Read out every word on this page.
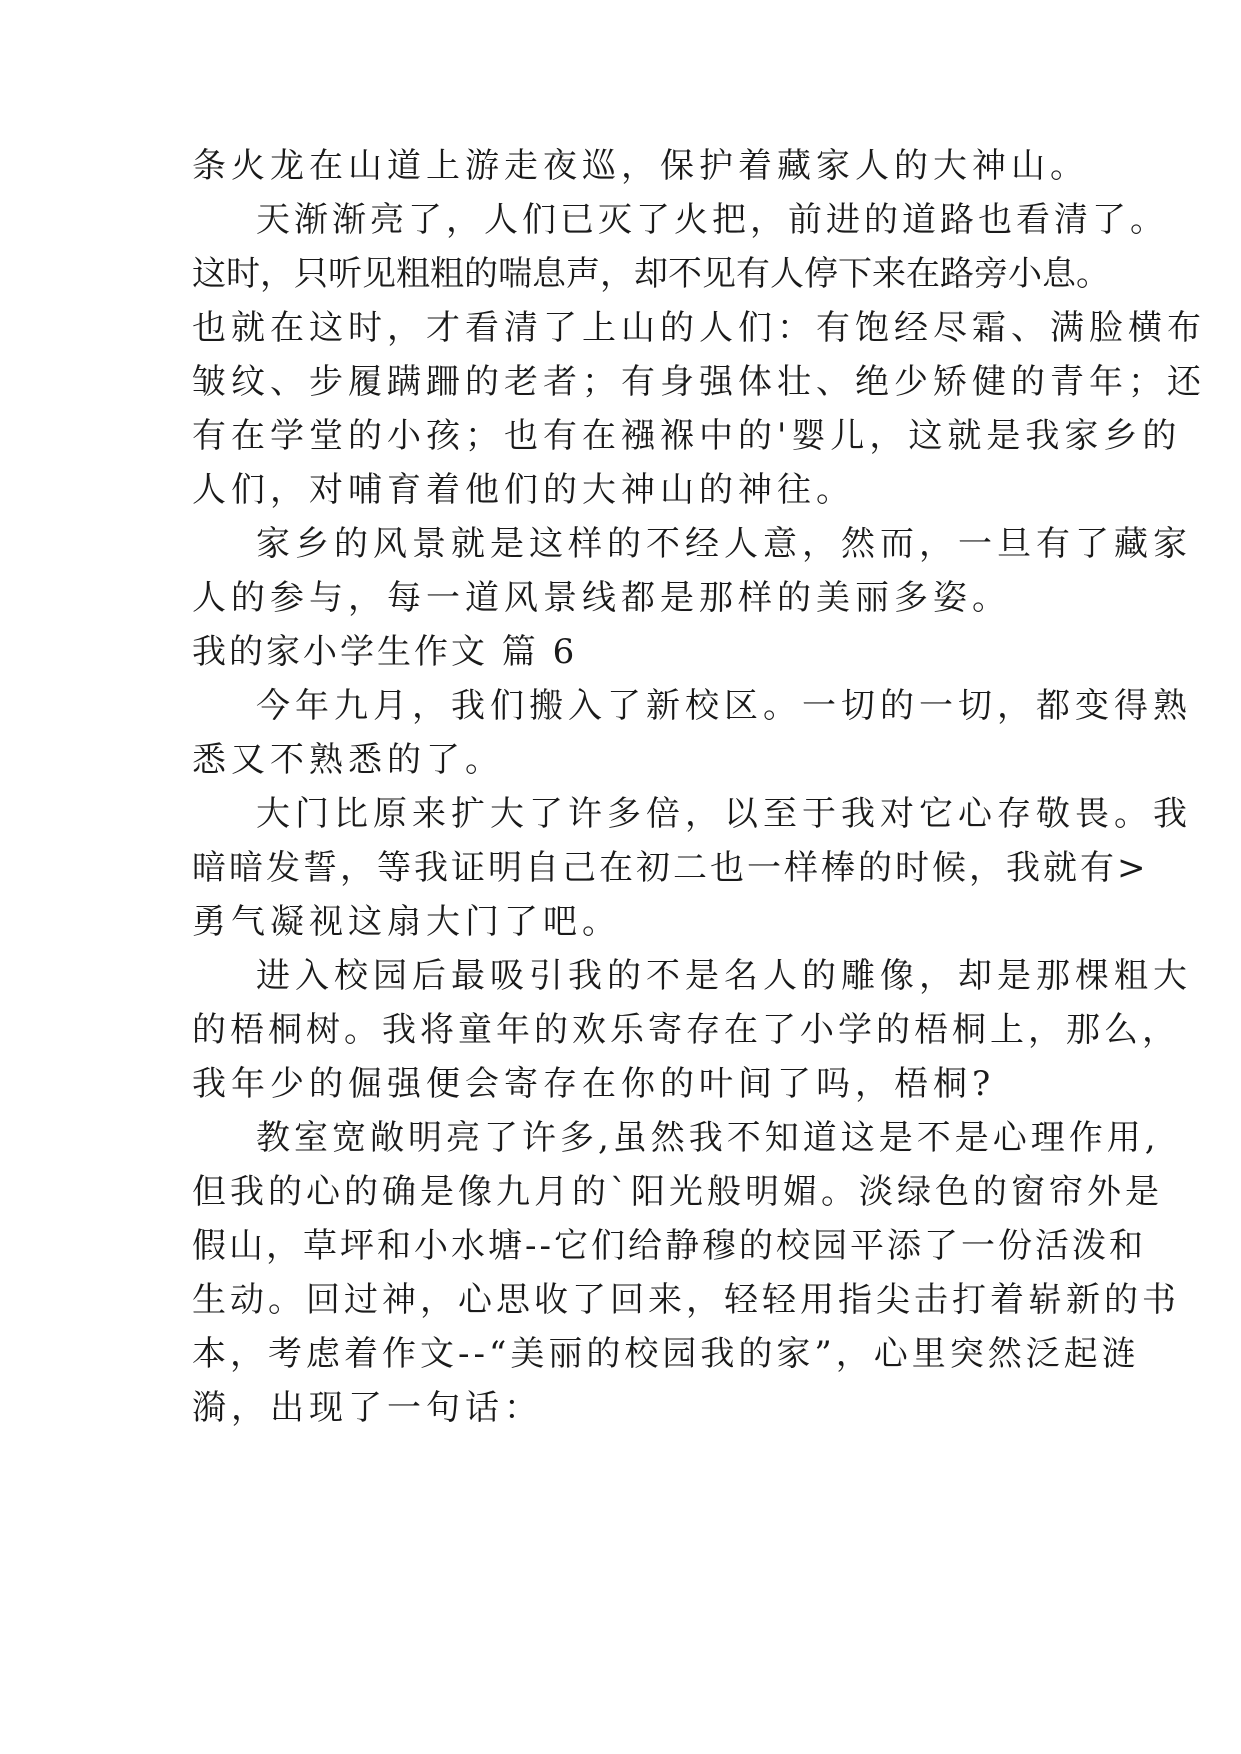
条火龙在山道上游走夜巡，保护着藏家人的大神山。
天渐渐亮了，人们已灭了火把，前进的道路也看清了。
这时，只听见粗粗的喘息声，却不见有人停下来在路旁小息。
也就在这时，才看清了上山的人们：有饱经尽霜、满脸横布
皱纹、步履蹒跚的老者；有身强体壮、绝少矫健的青年；还
有在学堂的小孩；也有在襁褓中的'婴儿，这就是我家乡的
人们，对哺育着他们的大神山的神往。
家乡的风景就是这样的不经人意，然而，一旦有了藏家
人的参与，每一道风景线都是那样的美丽多姿。
我的家小学生作文 篇 6
今年九月，我们搬入了新校区。一切的一切，都变得熟
悉又不熟悉的了。
大门比原来扩大了许多倍，以至于我对它心存敬畏。我
暗暗发誓，等我证明自己在初二也一样棒的时候，我就有>
勇气凝视这扇大门了吧。
进入校园后最吸引我的不是名人的雕像，却是那棵粗大
的梧桐树。我将童年的欢乐寄存在了小学的梧桐上，那么，
我年少的倔强便会寄存在你的叶间了吗，梧桐?
教室宽敞明亮了许多,虽然我不知道这是不是心理作用,
但我的心的确是像九月的`阳光般明媚。淡绿色的窗帘外是
假山，草坪和小水塘--它们给静穆的校园平添了一份活泼和
生动。回过神，心思收了回来，轻轻用指尖击打着崭新的书
本，考虑着作文--“美丽的校园我的家”，心里突然泛起涟
漪，出现了一句话：
